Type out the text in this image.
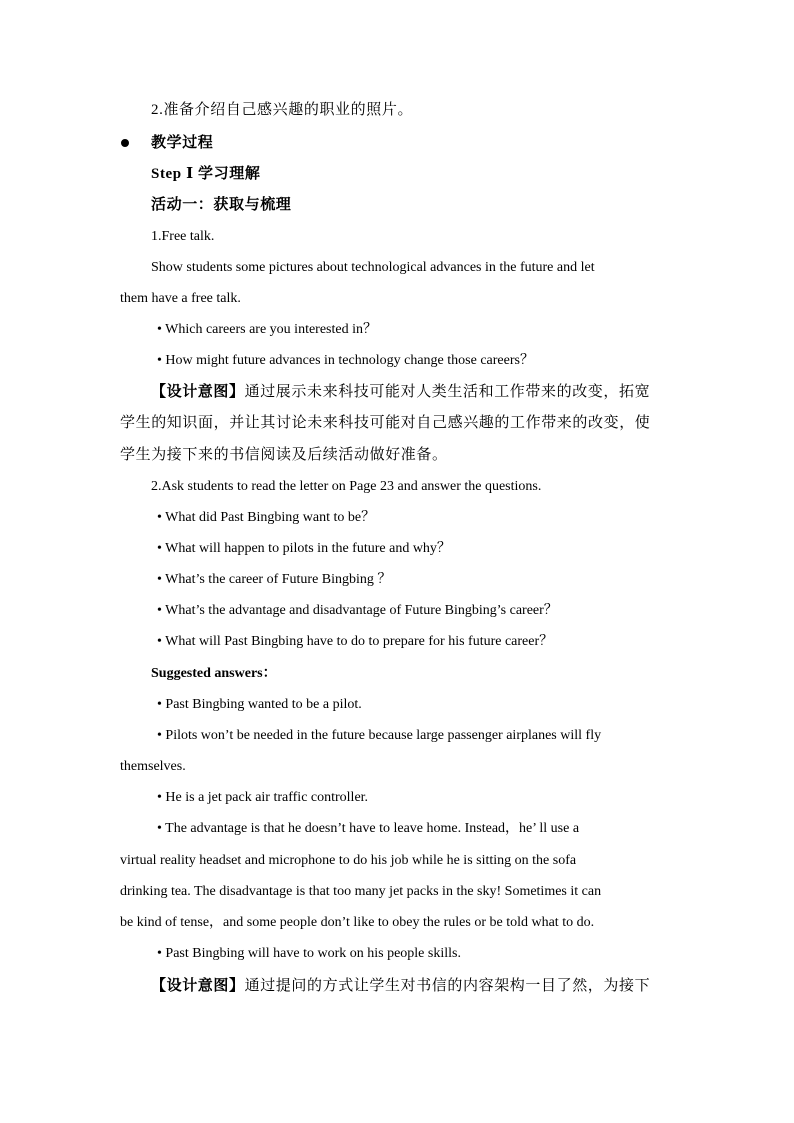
2.准备介绍自己感兴趣的职业的照片。
教学过程
Step Ⅰ 学习理解
活动一：获取与梳理
1.Free talk.
Show students some pictures about technological advances in the future and let
them have a free talk.
• Which careers are you interested in？
• How might future advances in technology change those careers？
【设计意图】通过展示未来科技可能对人类生活和工作带来的改变，拓宽
学生的知识面，并让其讨论未来科技可能对自己感兴趣的工作带来的改变，使
学生为接下来的书信阅读及后续活动做好准备。
2.Ask students to read the letter on Page 23 and answer the questions.
• What did Past Bingbing want to be？
• What will happen to pilots in the future and why？
• What’s the career of Future Bingbing ？
• What’s the advantage and disadvantage of Future Bingbing’s career？
• What will Past Bingbing have to do to prepare for his future career？
Suggested answers：
• Past Bingbing wanted to be a pilot.
• Pilots won’t be needed in the future because large passenger airplanes will fly
themselves.
• He is a jet pack air traffic controller.
• The advantage is that he doesn’t have to leave home. Instead，he’ ll use a
virtual reality headset and microphone to do his job while he is sitting on the sofa
drinking tea. The disadvantage is that too many jet packs in the sky! Sometimes it can
be kind of tense，and some people don’t like to obey the rules or be told what to do.
• Past Bingbing will have to work on his people skills.
【设计意图】通过提问的方式让学生对书信的内容架构一目了然，为接下
